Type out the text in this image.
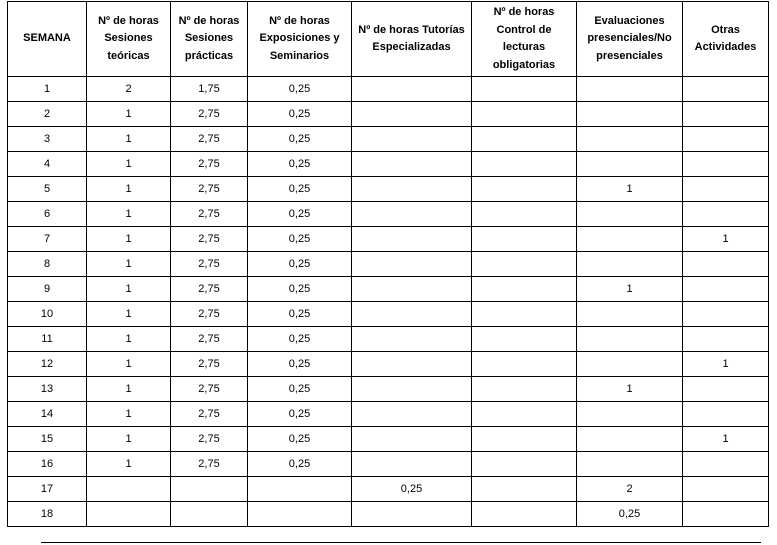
SEMANA	Nº de horas Sesiones teóricas	Nº de horas Sesiones prácticas	Nº de horas Exposiciones y Seminarios	Nº de horas Tutorías Especializadas	Nº de horas Control de lecturas obligatorias	Evaluaciones presenciales/No presenciales	Otras Actividades
1	2	1,75	0,25				
2	1	2,75	0,25				
3	1	2,75	0,25				
4	1	2,75	0,25				
5	1	2,75	0,25			1	
6	1	2,75	0,25				
7	1	2,75	0,25				1
8	1	2,75	0,25				
9	1	2,75	0,25			1	
10	1	2,75	0,25				
11	1	2,75	0,25				
12	1	2,75	0,25				1
13	1	2,75	0,25			1	
14	1	2,75	0,25				
15	1	2,75	0,25				1
16	1	2,75	0,25				
17				0,25		2	
18						0,25	
